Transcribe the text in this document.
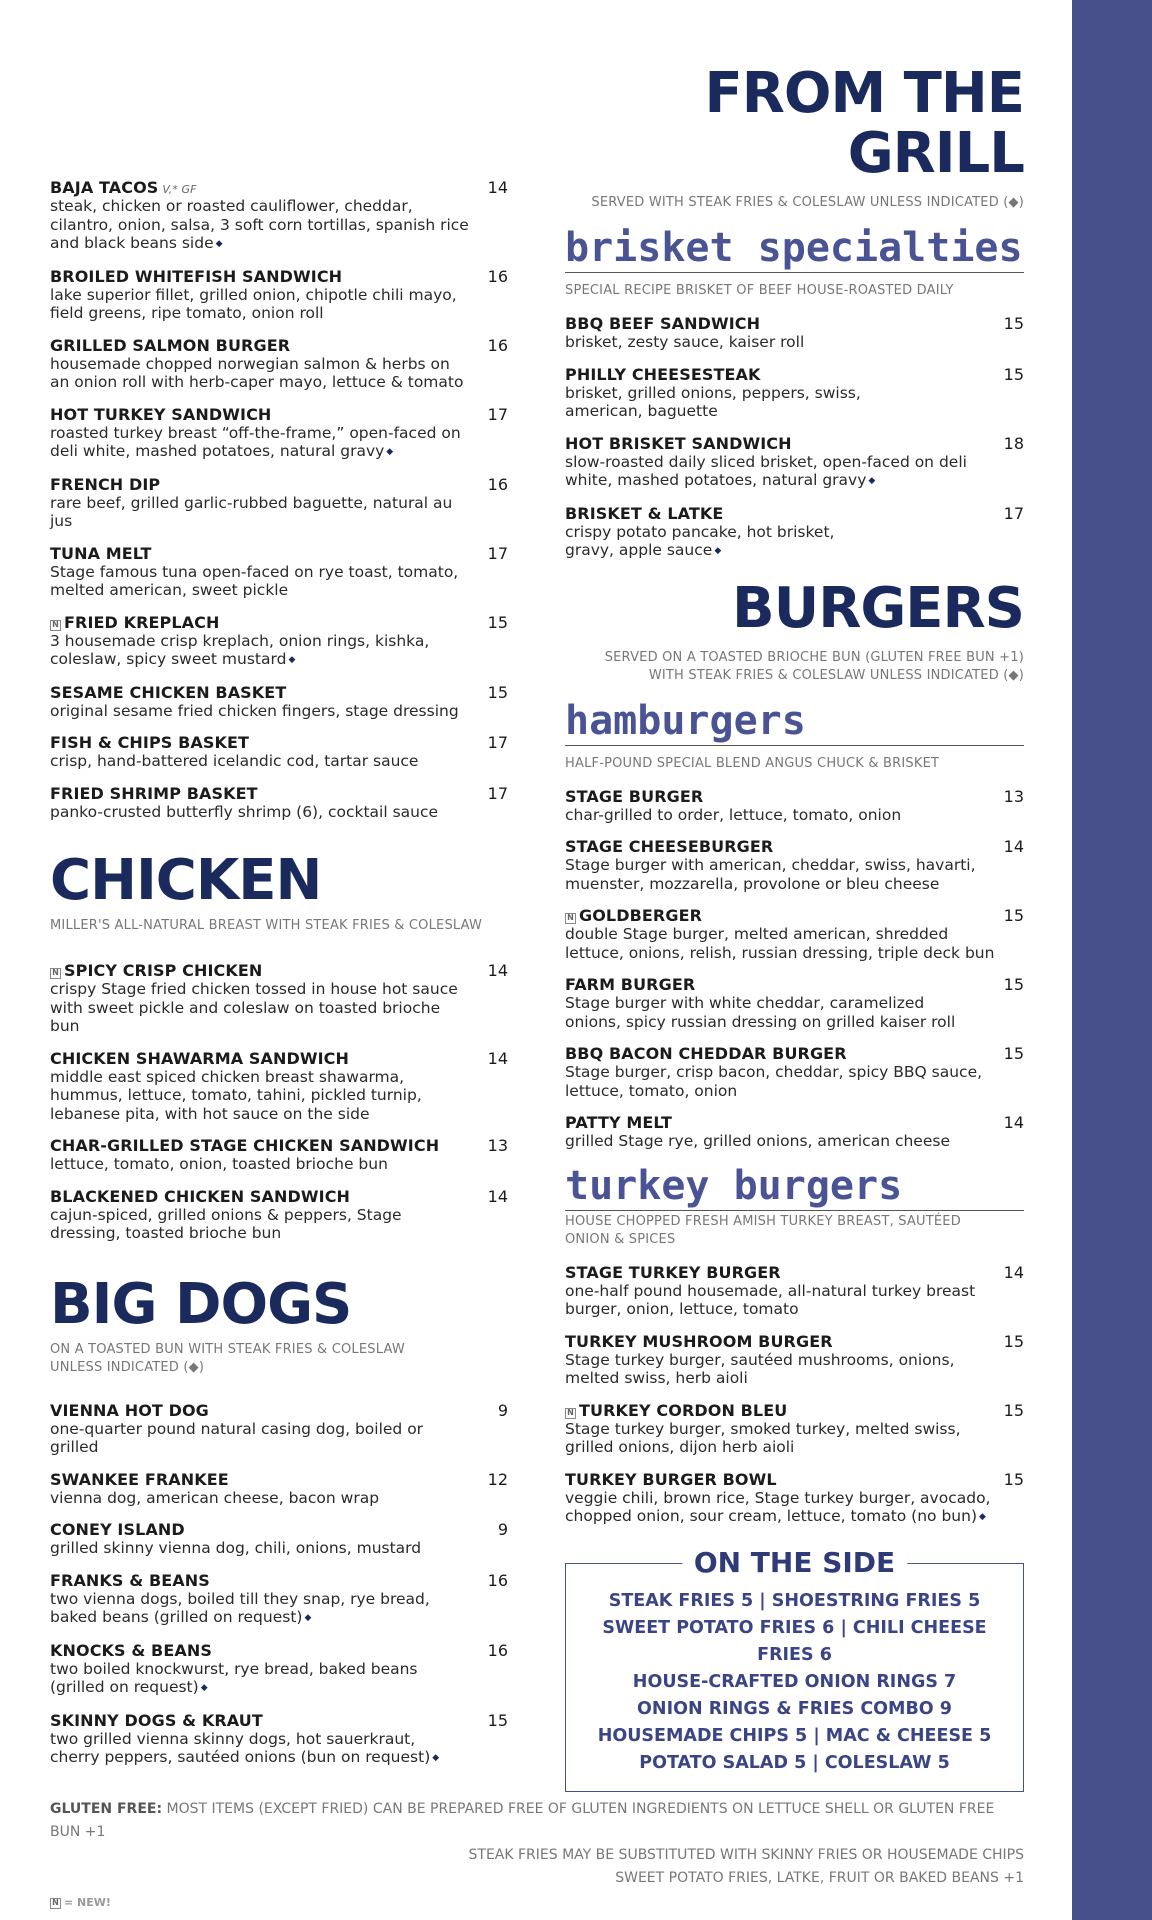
BAJA TACOS V,* GF	14
steak, chicken or roasted cauliflower, cheddar, cilantro, onion, salsa, 3 soft corn tortillas, spanish rice and black beans side ◆
BROILED WHITEFISH SANDWICH	16
lake superior fillet, grilled onion, chipotle chili mayo, field greens, ripe tomato, onion roll
GRILLED SALMON BURGER	16
housemade chopped norwegian salmon & herbs on an onion roll with herb-caper mayo, lettuce & tomato
HOT TURKEY SANDWICH	17
roasted turkey breast “off-the-frame,” open-faced on deli white, mashed potatoes, natural gravy ◆
FRENCH DIP	16
rare beef, grilled garlic-rubbed baguette, natural au jus
TUNA MELT	17
Stage famous tuna open-faced on rye toast, tomato, melted american, sweet pickle
N FRIED KREPLACH	15
3 housemade crisp kreplach, onion rings, kishka, coleslaw, spicy sweet mustard ◆
SESAME CHICKEN BASKET	15
original sesame fried chicken fingers, stage dressing
FISH & CHIPS BASKET	17
crisp, hand-battered icelandic cod, tartar sauce
FRIED SHRIMP BASKET	17
panko-crusted butterfly shrimp (6), cocktail sauce
CHICKEN
MILLER'S ALL-NATURAL BREAST WITH STEAK FRIES & COLESLAW
N SPICY CRISP CHICKEN	14
crispy Stage fried chicken tossed in house hot sauce with sweet pickle and coleslaw on toasted brioche bun
CHICKEN SHAWARMA SANDWICH	14
middle east spiced chicken breast shawarma, hummus, lettuce, tomato, tahini, pickled turnip, lebanese pita, with hot sauce on the side
CHAR-GRILLED STAGE CHICKEN SANDWICH	13
lettuce, tomato, onion, toasted brioche bun
BLACKENED CHICKEN SANDWICH	14
cajun-spiced, grilled onions & peppers, Stage dressing, toasted brioche bun
BIG DOGS
ON A TOASTED BUN WITH STEAK FRIES & COLESLAW UNLESS INDICATED (◆)
VIENNA HOT DOG	9
one-quarter pound natural casing dog, boiled or grilled
SWANKEE FRANKEE	12
vienna dog, american cheese, bacon wrap
CONEY ISLAND	9
grilled skinny vienna dog, chili, onions, mustard
FRANKS & BEANS	16
two vienna dogs, boiled till they snap, rye bread, baked beans (grilled on request) ◆
KNOCKS & BEANS	16
two boiled knockwurst, rye bread, baked beans (grilled on request) ◆
SKINNY DOGS & KRAUT	15
two grilled vienna skinny dogs, hot sauerkraut, cherry peppers, sautéed onions (bun on request) ◆
FROM THE GRILL
SERVED WITH STEAK FRIES & COLESLAW UNLESS INDICATED (◆)
brisket specialties
SPECIAL RECIPE BRISKET OF BEEF HOUSE-ROASTED DAILY
BBQ BEEF SANDWICH	15
brisket, zesty sauce, kaiser roll
PHILLY CHEESESTEAK	15
brisket, grilled onions, peppers, swiss, american, baguette
HOT BRISKET SANDWICH	18
slow-roasted daily sliced brisket, open-faced on deli white, mashed potatoes, natural gravy ◆
BRISKET & LATKE	17
crispy potato pancake, hot brisket, gravy, apple sauce ◆
BURGERS
SERVED ON A TOASTED BRIOCHE BUN (GLUTEN FREE BUN +1)
WITH STEAK FRIES & COLESLAW UNLESS INDICATED (◆)
hamburgers
HALF-POUND SPECIAL BLEND ANGUS CHUCK & BRISKET
STAGE BURGER	13
char-grilled to order, lettuce, tomato, onion
STAGE CHEESEBURGER	14
Stage burger with american, cheddar, swiss, havarti, muenster, mozzarella, provolone or bleu cheese
N GOLDBERGER	15
double Stage burger, melted american, shredded lettuce, onions, relish, russian dressing, triple deck bun
FARM BURGER	15
Stage burger with white cheddar, caramelized onions, spicy russian dressing on grilled kaiser roll
BBQ BACON CHEDDAR BURGER	15
Stage burger, crisp bacon, cheddar, spicy BBQ sauce, lettuce, tomato, onion
PATTY MELT	14
grilled Stage rye, grilled onions, american cheese
turkey burgers
HOUSE CHOPPED FRESH AMISH TURKEY BREAST, SAUTÉED ONION & SPICES
STAGE TURKEY BURGER	14
one-half pound housemade, all-natural turkey breast burger, onion, lettuce, tomato
TURKEY MUSHROOM BURGER	15
Stage turkey burger, sautéed mushrooms, onions, melted swiss, herb aioli
N TURKEY CORDON BLEU	15
Stage turkey burger, smoked turkey, melted swiss, grilled onions, dijon herb aioli
TURKEY BURGER BOWL	15
veggie chili, brown rice, Stage turkey burger, avocado, chopped onion, sour cream, lettuce, tomato (no bun) ◆
ON THE SIDE
STEAK FRIES 5 | SHOESTRING FRIES 5
SWEET POTATO FRIES 6 | CHILI CHEESE FRIES 6
HOUSE-CRAFTED ONION RINGS 7
ONION RINGS & FRIES COMBO 9
HOUSEMADE CHIPS 5 | MAC & CHEESE 5
POTATO SALAD 5 | COLESLAW 5
GLUTEN FREE: MOST ITEMS (EXCEPT FRIED) CAN BE PREPARED FREE OF GLUTEN INGREDIENTS ON LETTUCE SHELL OR GLUTEN FREE BUN +1
STEAK FRIES MAY BE SUBSTITUTED WITH SKINNY FRIES OR HOUSEMADE CHIPS
SWEET POTATO FRIES, LATKE, FRUIT OR BAKED BEANS +1
N = NEW!
